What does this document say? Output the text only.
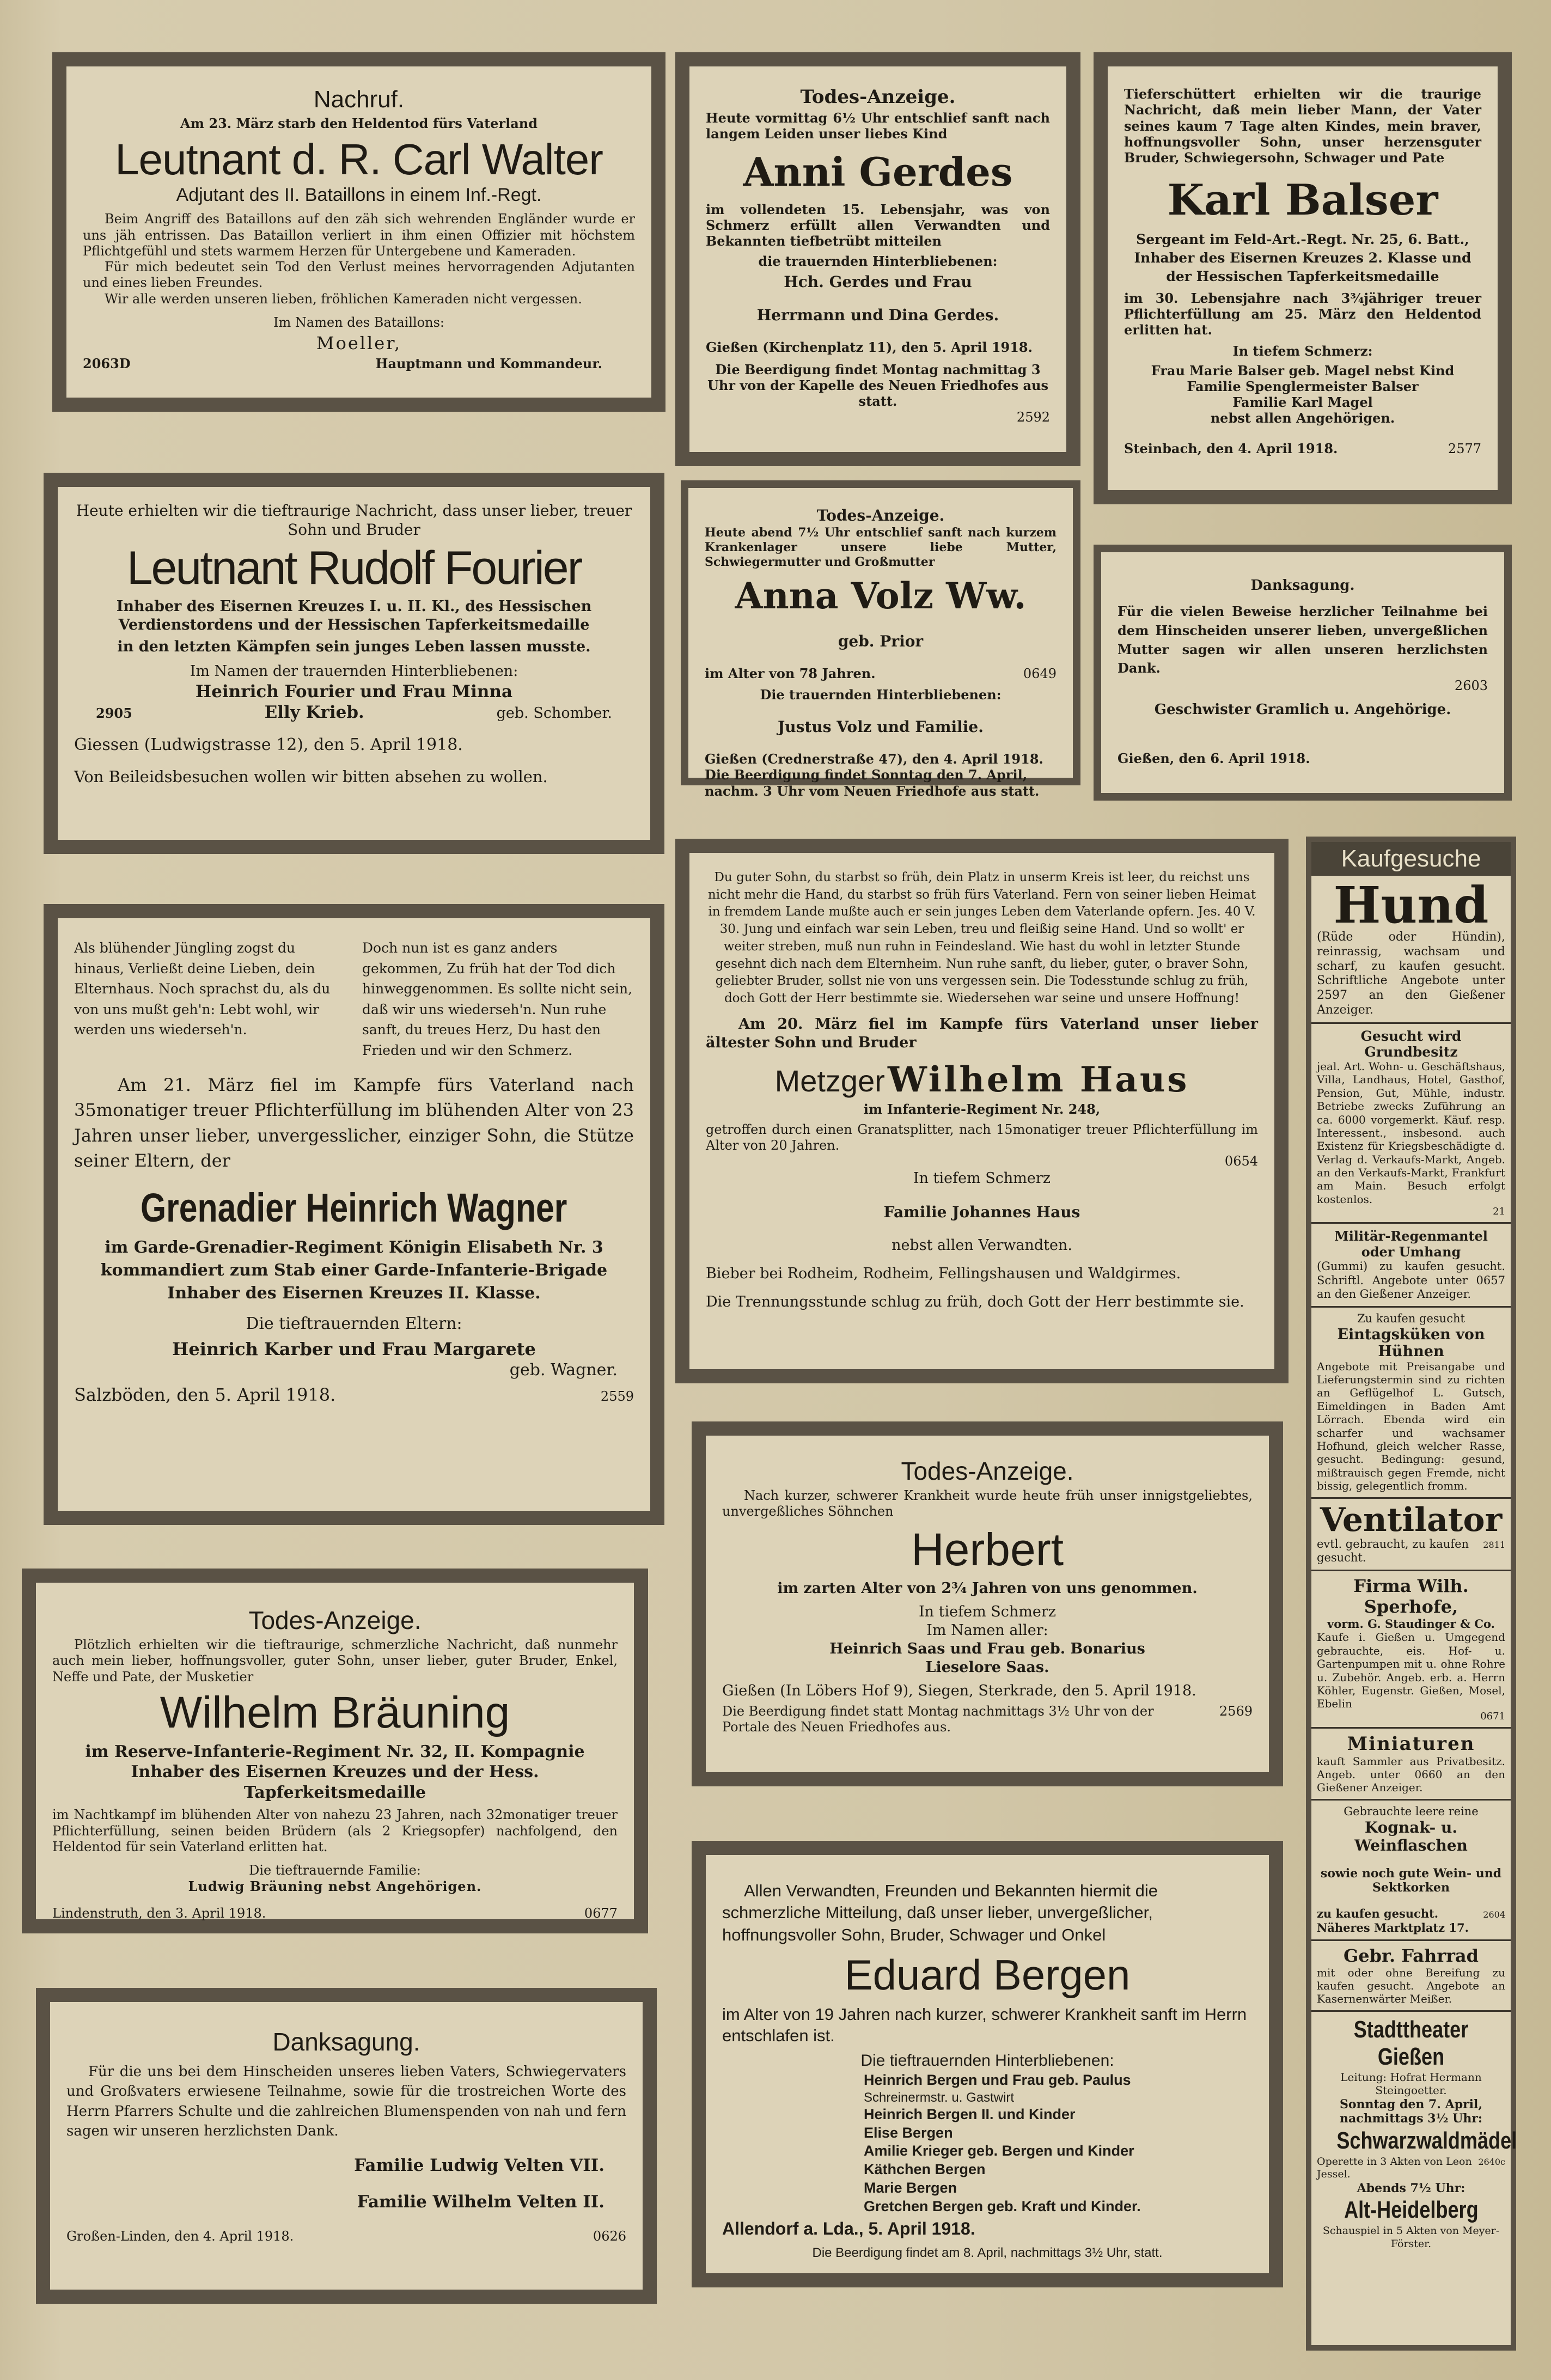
Nachruf.

Am 23. März starb den Heldentod fürs Vaterland

Leutnant d. R. Carl Walter

Adjutant des II. Bataillons in einem Inf.-Regt.

Beim Angriff des Bataillons auf den zäh sich wehrenden Engländer wurde er uns jäh entrissen. Das Bataillon verliert in ihm einen Offizier mit höchstem Pflichtgefühl und stets warmem Herzen für Untergebene und Kameraden.

Für mich bedeutet sein Tod den Verlust meines hervorragenden Adjutanten und eines lieben Freundes.

Wir alle werden unseren lieben, fröhlichen Kameraden nicht vergessen.

Im Namen des Bataillons:

Moeller,

2063D	Hauptmann und Kommandeur.

Heute erhielten wir die tieftraurige Nachricht, dass unser lieber, treuer Sohn und Bruder

Leutnant Rudolf Fourier

Inhaber des Eisernen Kreuzes I. u. II. Kl., des Hessischen Verdienstordens und der Hessischen Tapferkeitsmedaille

in den letzten Kämpfen sein junges Leben lassen musste.

Im Namen der trauernden Hinterbliebenen:

Heinrich Fourier und Frau Minna

2905	Elly Krieb.	geb. Schomber.

Giessen (Ludwigstrasse 12), den 5. April 1918.

Von Beileidsbesuchen wollen wir bitten absehen zu wollen.

Als blühender Jüngling zogst du hinaus, Verließt deine Lieben, dein Elternhaus. Noch sprachst du, als du von uns mußt geh'n: Lebt wohl, wir werden uns wiederseh'n.
Doch nun ist es ganz anders gekommen, Zu früh hat der Tod dich hinweggenommen. Es sollte nicht sein, daß wir uns wiederseh'n. Nun ruhe sanft, du treues Herz, Du hast den Frieden und wir den Schmerz.

Am 21. März fiel im Kampfe fürs Vaterland nach 35monatiger treuer Pflichterfüllung im blühenden Alter von 23 Jahren unser lieber, unvergesslicher, einziger Sohn, die Stütze seiner Eltern, der

Grenadier Heinrich Wagner

im Garde-Grenadier-Regiment Königin Elisabeth Nr. 3 kommandiert zum Stab einer Garde-Infanterie-Brigade Inhaber des Eisernen Kreuzes II. Klasse.

Die tieftrauernden Eltern:

Heinrich Karber und Frau Margarete

geb. Wagner.

Salzböden, den 5. April 1918.	2559

Todes-Anzeige.

Plötzlich erhielten wir die tieftraurige, schmerzliche Nachricht, daß nunmehr auch mein lieber, hoffnungsvoller, guter Sohn, unser lieber, guter Bruder, Enkel, Neffe und Pate, der Musketier

Wilhelm Bräuning

im Reserve-Infanterie-Regiment Nr. 32, II. Kompagnie Inhaber des Eisernen Kreuzes und der Hess. Tapferkeitsmedaille

im Nachtkampf im blühenden Alter von nahezu 23 Jahren, nach 32monatiger treuer Pflichterfüllung, seinen beiden Brüdern (als 2 Kriegsopfer) nachfolgend, den Heldentod für sein Vaterland erlitten hat.

Die tieftrauernde Familie:

Ludwig Bräuning nebst Angehörigen.

Lindenstruth, den 3. April 1918.	0677

Danksagung.

Für die uns bei dem Hinscheiden unseres lieben Vaters, Schwiegervaters und Großvaters erwiesene Teilnahme, sowie für die trostreichen Worte des Herrn Pfarrers Schulte und die zahlreichen Blumenspenden von nah und fern sagen wir unseren herzlichsten Dank.

Familie Ludwig Velten VII.

Familie Wilhelm Velten II.

Großen-Linden, den 4. April 1918.	0626

Todes-Anzeige.

Heute vormittag 6½ Uhr entschlief sanft nach langem Leiden unser liebes Kind

Anni Gerdes

im vollendeten 15. Lebensjahr, was von Schmerz erfüllt allen Verwandten und Bekannten tiefbetrübt mitteilen

die trauernden Hinterbliebenen:

Hch. Gerdes und Frau

Herrmann und Dina Gerdes.

Gießen (Kirchenplatz 11), den 5. April 1918.

Die Beerdigung findet Montag nachmittag 3 Uhr von der Kapelle des Neuen Friedhofes aus statt.

2592

Todes-Anzeige.

Heute abend 7½ Uhr entschlief sanft nach kurzem Krankenlager unsere liebe Mutter, Schwiegermutter und Großmutter

Anna Volz Ww.

geb. Prior

im Alter von 78 Jahren.	0649

Die trauernden Hinterbliebenen:

Justus Volz und Familie.

Gießen (Crednerstraße 47), den 4. April 1918.

Die Beerdigung findet Sonntag den 7. April, nachm. 3 Uhr vom Neuen Friedhofe aus statt.

Tieferschüttert erhielten wir die traurige Nachricht, daß mein lieber Mann, der Vater seines kaum 7 Tage alten Kindes, mein braver, hoffnungsvoller Sohn, unser herzensguter Bruder, Schwiegersohn, Schwager und Pate

Karl Balser

Sergeant im Feld-Art.-Regt. Nr. 25, 6. Batt., Inhaber des Eisernen Kreuzes 2. Klasse und der Hessischen Tapferkeitsmedaille

im 30. Lebensjahre nach 3¾jähriger treuer Pflichterfüllung am 25. März den Heldentod erlitten hat.

In tiefem Schmerz:

Frau Marie Balser geb. Magel nebst Kind

Familie Spenglermeister Balser

Familie Karl Magel

nebst allen Angehörigen.

Steinbach, den 4. April 1918.	2577

Danksagung.

Für die vielen Beweise herzlicher Teilnahme bei dem Hinscheiden unserer lieben, unvergeßlichen Mutter sagen wir allen unseren herzlichsten Dank.

2603

Geschwister Gramlich u. Angehörige.

Gießen, den 6. April 1918.

Du guter Sohn, du starbst so früh, dein Platz in unserm Kreis ist leer, du reichst uns nicht mehr die Hand, du starbst so früh fürs Vaterland. Fern von seiner lieben Heimat in fremdem Lande mußte auch er sein junges Leben dem Vaterlande opfern. Jes. 40 V. 30. Jung und einfach war sein Leben, treu und fleißig seine Hand. Und so wollt' er weiter streben, muß nun ruhn in Feindesland. Wie hast du wohl in letzter Stunde gesehnt dich nach dem Elternheim. Nun ruhe sanft, du lieber, guter, o braver Sohn, geliebter Bruder, sollst nie von uns vergessen sein. Die Todesstunde schlug zu früh, doch Gott der Herr bestimmte sie. Wiedersehen war seine und unsere Hoffnung!

Am 20. März fiel im Kampfe fürs Vaterland unser lieber ältester Sohn und Bruder

Metzger Wilhelm Haus

im Infanterie-Regiment Nr. 248,

getroffen durch einen Granatsplitter, nach 15monatiger treuer Pflichterfüllung im Alter von 20 Jahren.

0654

In tiefem Schmerz

Familie Johannes Haus

nebst allen Verwandten.

Bieber bei Rodheim, Rodheim, Fellingshausen und Waldgirmes.

Die Trennungsstunde schlug zu früh, doch Gott der Herr bestimmte sie.

Todes-Anzeige.

Nach kurzer, schwerer Krankheit wurde heute früh unser innigstgeliebtes, unvergeßliches Söhnchen

Herbert

im zarten Alter von 2¾ Jahren von uns genommen.

In tiefem Schmerz

Im Namen aller:

Heinrich Saas und Frau geb. Bonarius

Lieselore Saas.

Gießen (In Löbers Hof 9), Siegen, Sterkrade, den 5. April 1918.

Die Beerdigung findet statt Montag nachmittags 3½ Uhr von der Portale des Neuen Friedhofes aus.
2569

Allen Verwandten, Freunden und Bekannten hiermit die schmerzliche Mitteilung, daß unser lieber, unvergeßlicher, hoffnungsvoller Sohn, Bruder, Schwager und Onkel

Eduard Bergen

im Alter von 19 Jahren nach kurzer, schwerer Krankheit sanft im Herrn entschlafen ist.

Die tieftrauernden Hinterbliebenen:

Heinrich Bergen und Frau geb. Paulus

Schreinermstr. u. Gastwirt

Heinrich Bergen II. und Kinder

Elise Bergen

Amilie Krieger geb. Bergen und Kinder

Käthchen Bergen

Marie Bergen

Gretchen Bergen geb. Kraft und Kinder.

Allendorf a. Lda., 5. April 1918.

Die Beerdigung findet am 8. April, nachmittags 3½ Uhr, statt.

Kaufgesuche

Hund

(Rüde oder Hündin), reinrassig, wachsam und scharf, zu kaufen gesucht. Schriftliche Angebote unter 2597 an den Gießener Anzeiger.

Gesucht wird Grundbesitz

jeal. Art. Wohn- u. Geschäftshaus, Villa, Landhaus, Hotel, Gasthof, Pension, Gut, Mühle, industr. Betriebe zwecks Zuführung an ca. 6000 vorgemerkt. Käuf. resp. Interessent., insbesond. auch Existenz für Kriegsbeschädigte d. Verlag d. Verkaufs-Markt, Angeb. an den Verkaufs-Markt, Frankfurt am Main. Besuch erfolgt kostenlos.

21

Militär-Regenmantel oder Umhang

(Gummi) zu kaufen gesucht. Schriftl. Angebote unter 0657 an den Gießener Anzeiger.

Zu kaufen gesucht

Eintagsküken von Hühnen

Angebote mit Preisangabe und Lieferungstermin sind zu richten an Geflügelhof L. Gutsch, Eimeldingen in Baden Amt Lörrach. Ebenda wird ein scharfer und wachsamer Hofhund, gleich welcher Rasse, gesucht. Bedingung: gesund, mißtrauisch gegen Fremde, nicht bissig, gelegentlich fromm.

Ventilator

evtl. gebraucht, zu kaufen gesucht.
2811

Firma Wilh. Sperhofe,

vorm. G. Staudinger & Co.

Kaufe i. Gießen u. Umgegend gebrauchte, eis. Hof- u. Gartenpumpen mit u. ohne Rohre u. Zubehör. Angeb. erb. a. Herrn Köhler, Eugenstr. Gießen, Mosel, Ebelin

0671

Miniaturen

kauft Sammler aus Privatbesitz. Angeb. unter 0660 an den Gießener Anzeiger.

Gebrauchte leere reine

Kognak- u. Weinflaschen

sowie noch gute Wein- und Sektkorken

zu kaufen gesucht. Näheres Marktplatz 17.
2604

Gebr. Fahrrad

mit oder ohne Bereifung zu kaufen gesucht. Angebote an Kasernenwärter Meißer.

Stadttheater Gießen

Leitung: Hofrat Hermann Steingoetter.

Sonntag den 7. April, nachmittags 3½ Uhr:

Schwarzwaldmädel

Operette in 3 Akten von Leon Jessel.
2640c

Abends 7½ Uhr:

Alt-Heidelberg

Schauspiel in 5 Akten von Meyer-Förster.
